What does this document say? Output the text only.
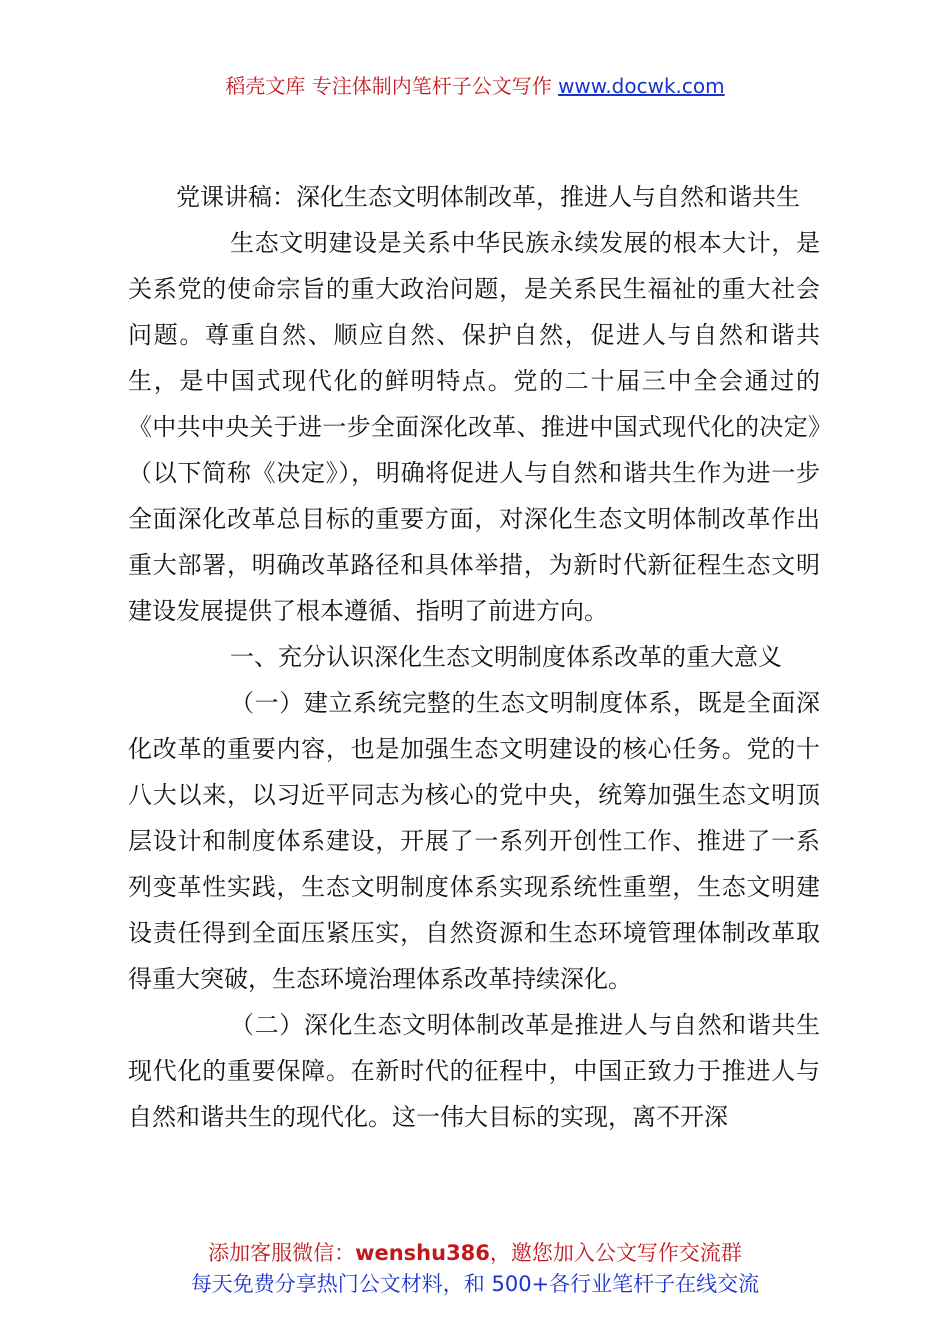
稻壳文库 专注体制内笔杆子公文写作 www.docwk.com

党课讲稿：深化生态文明体制改革，推进人与自然和谐共生

生态文明建设是关系中华民族永续发展的根本大计，是关系党的使命宗旨的重大政治问题，是关系民生福祉的重大社会问题。尊重自然、顺应自然、保护自然，促进人与自然和谐共生，是中国式现代化的鲜明特点。党的二十届三中全会通过的《中共中央关于进一步全面深化改革、推进中国式现代化的决定》（以下简称《决定》），明确将促进人与自然和谐共生作为进一步全面深化改革总目标的重要方面，对深化生态文明体制改革作出重大部署，明确改革路径和具体举措，为新时代新征程生态文明建设发展提供了根本遵循、指明了前进方向。

一、充分认识深化生态文明制度体系改革的重大意义

（一）建立系统完整的生态文明制度体系，既是全面深化改革的重要内容，也是加强生态文明建设的核心任务。党的十八大以来，以习近平同志为核心的党中央，统筹加强生态文明顶层设计和制度体系建设，开展了一系列开创性工作、推进了一系列变革性实践，生态文明制度体系实现系统性重塑，生态文明建设责任得到全面压紧压实，自然资源和生态环境管理体制改革取得重大突破，生态环境治理体系改革持续深化。

（二）深化生态文明体制改革是推进人与自然和谐共生现代化的重要保障。在新时代的征程中，中国正致力于推进人与自然和谐共生的现代化。这一伟大目标的实现，离不开深

添加客服微信：wenshu386，邀您加入公文写作交流群
每天免费分享热门公文材料，和 500+各行业笔杆子在线交流
